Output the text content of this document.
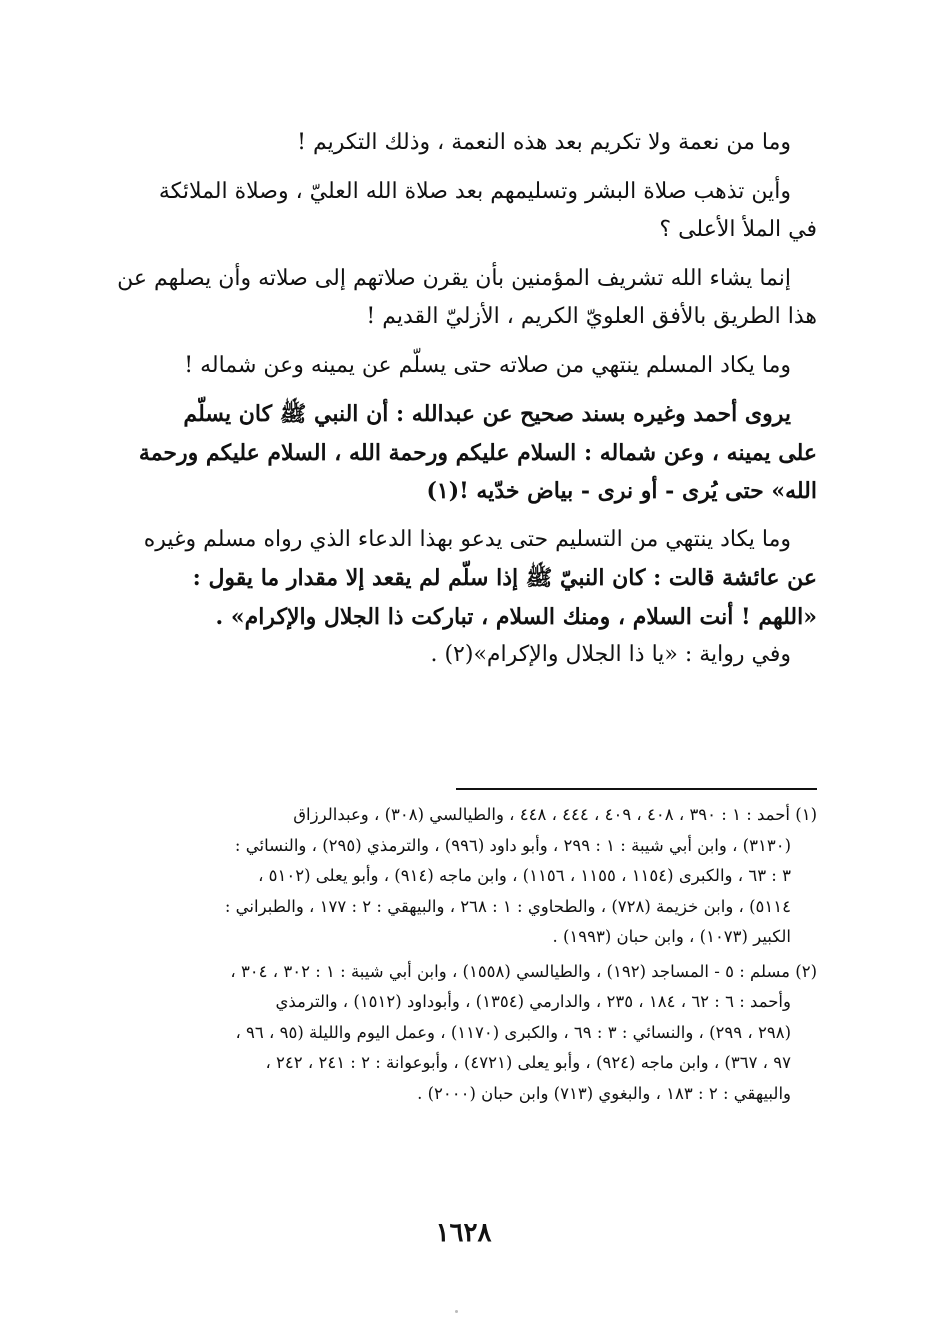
وما من نعمة ولا تكريم بعد هذه النعمة ، وذلك التكريم !

وأين تذهب صلاة البشر وتسليمهم بعد صلاة الله العليّ ، وصلاة الملائكة

في الملأ الأعلى ؟

إنما يشاء الله تشريف المؤمنين بأن يقرن صلاتهم إلى صلاته وأن يصلهم عن

هذا الطريق بالأفق العلويّ الكريم ، الأزليّ القديم !

وما يكاد المسلم ينتهي من صلاته حتى يسلّم عن يمينه وعن شماله !

يروى أحمد وغيره بسند صحيح عن عبدالله : أن النبي ﷺ كان يسلّم

على يمينه ، وعن شماله : السلام عليكم ورحمة الله ، السلام عليكم ورحمة

الله» حتى يُرى - أو نرى - بياض خدّيه !(١)

وما يكاد ينتهي من التسليم حتى يدعو بهذا الدعاء الذي رواه مسلم وغيره

عن عائشة قالت : كان النبيّ ﷺ إذا سلّم لم يقعد إلا مقدار ما يقول :

«اللهم ! أنت السلام ، ومنك السلام ، تباركت ذا الجلال والإكرام» .

وفي رواية : «يا ذا الجلال والإكرام»(٢) .

(١) أحمد : ١ : ٣٩٠ ، ٤٠٨ ، ٤٠٩ ، ٤٤٤ ، ٤٤٨ ، والطيالسي (٣٠٨) ، وعبدالرزاق

(٣١٣٠) ، وابن أبي شيبة : ١ : ٢٩٩ ، وأبو داود (٩٩٦) ، والترمذي (٢٩٥) ، والنسائي :

٣ : ٦٣ ، والكبرى (١١٥٤ ، ١١٥٥ ، ١١٥٦) ، وابن ماجه (٩١٤) ، وأبو يعلى (٥١٠٢ ،

٥١١٤) ، وابن خزيمة (٧٢٨) ، والطحاوي : ١ : ٢٦٨ ، والبيهقي : ٢ : ١٧٧ ، والطبراني :

الكبير (١٠٧٣) ، وابن حبان (١٩٩٣) .

(٢) مسلم : ٥ - المساجد (١٩٢) ، والطيالسي (١٥٥٨) ، وابن أبي شيبة : ١ : ٣٠٢ ، ٣٠٤ ،

وأحمد : ٦ : ٦٢ ، ١٨٤ ، ٢٣٥ ، والدارمي (١٣٥٤) ، وأبوداود (١٥١٢) ، والترمذي

(٢٩٨ ، ٢٩٩) ، والنسائي : ٣ : ٦٩ ، والكبرى (١١٧٠) ، وعمل اليوم والليلة (٩٥ ، ٩٦ ،

٩٧ ، ٣٦٧) ، وابن ماجه (٩٢٤) ، وأبو يعلى (٤٧٢١) ، وأبوعوانة : ٢ : ٢٤١ ، ٢٤٢ ،

والبيهقي : ٢ : ١٨٣ ، والبغوي (٧١٣) وابن حبان (٢٠٠٠) .

١٦٢٨
